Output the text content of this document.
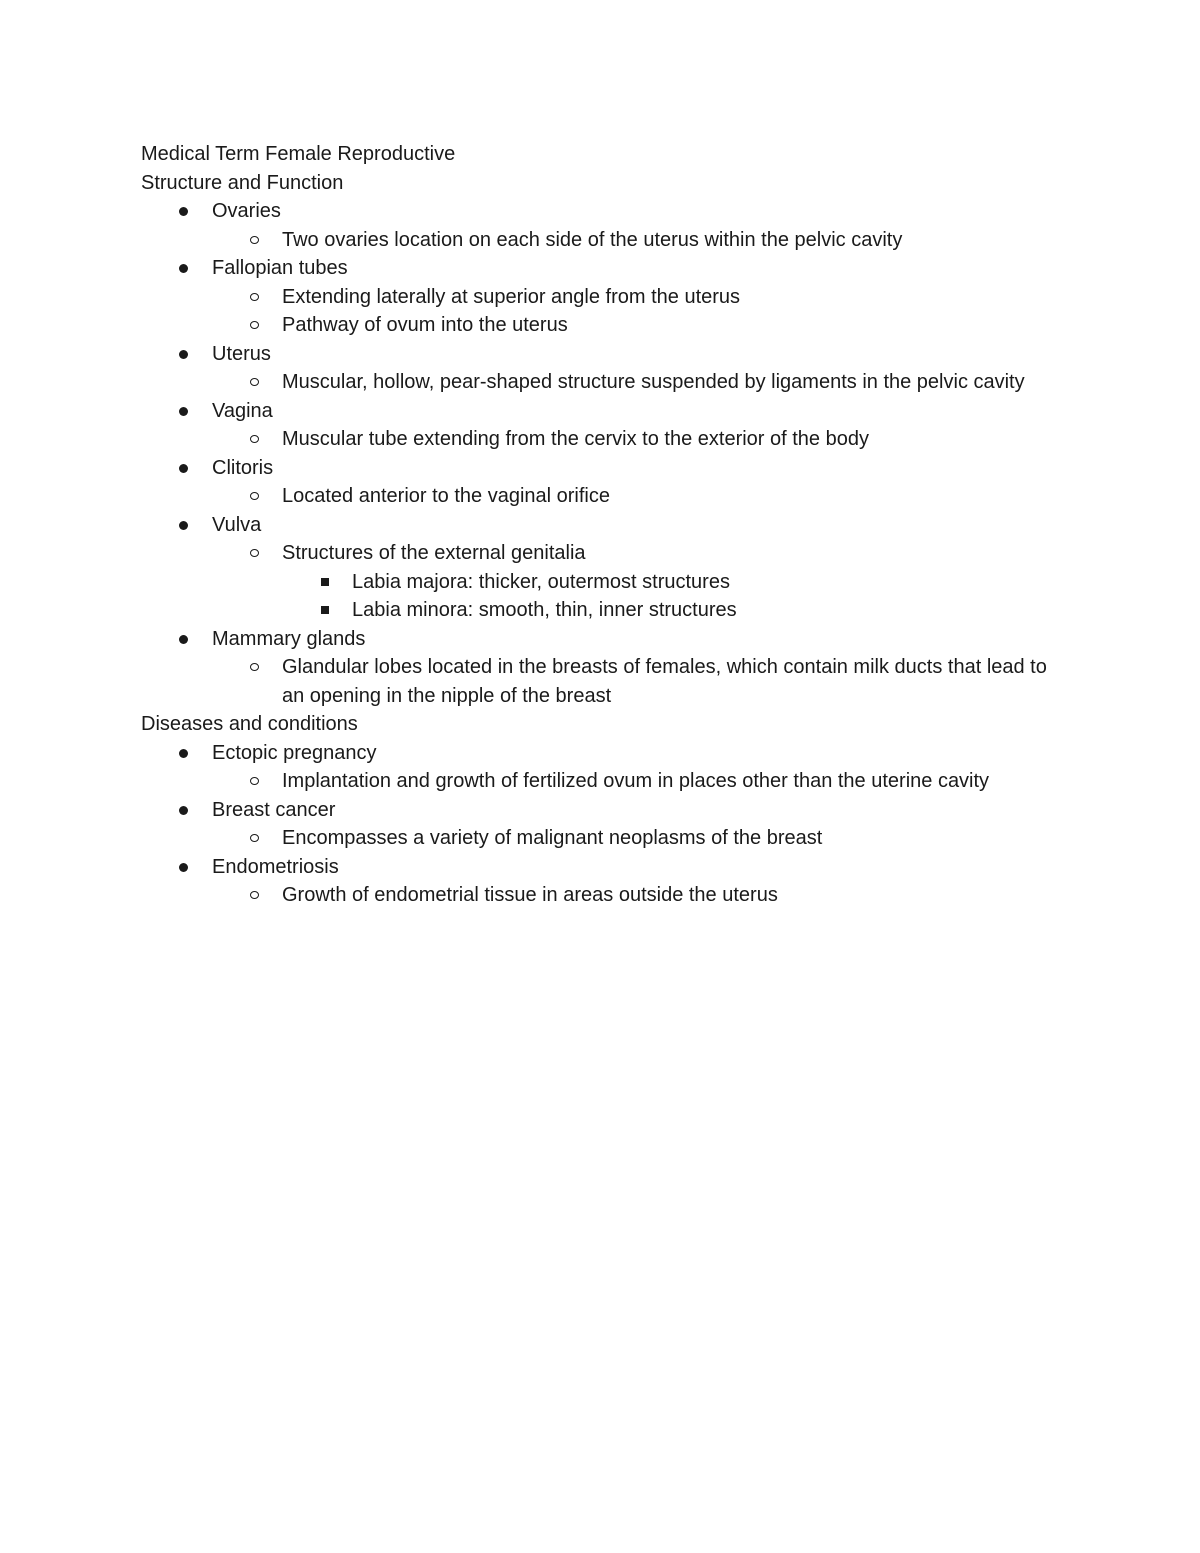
Medical Term Female Reproductive

Structure and Function

Ovaries
Two ovaries location on each side of the uterus within the pelvic cavity
Fallopian tubes
Extending laterally at superior angle from the uterus
Pathway of ovum into the uterus
Uterus
Muscular, hollow, pear-shaped structure suspended by ligaments in the pelvic cavity
Vagina
Muscular tube extending from the cervix to the exterior of the body
Clitoris
Located anterior to the vaginal orifice
Vulva
Structures of the external genitalia
Labia majora: thicker, outermost structures
Labia minora: smooth, thin, inner structures
Mammary glands
Glandular lobes located in the breasts of females, which contain milk ducts that lead to an opening in the nipple of the breast

Diseases and conditions

Ectopic pregnancy
Implantation and growth of fertilized ovum in places other than the uterine cavity
Breast cancer
Encompasses a variety of malignant neoplasms of the breast
Endometriosis
Growth of endometrial tissue in areas outside the uterus
